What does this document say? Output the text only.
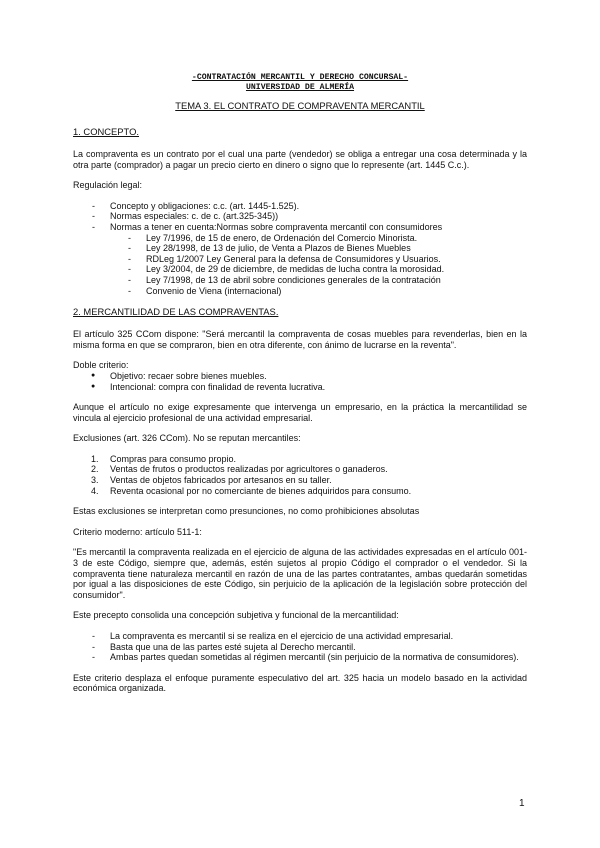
-CONTRATACIÓN MERCANTIL Y DERECHO CONCURSAL-
UNIVERSIDAD DE ALMERÍA
TEMA 3. EL CONTRATO DE COMPRAVENTA MERCANTIL
1. CONCEPTO.

La compraventa es un contrato por el cual una parte (vendedor) se obliga a entregar una cosa determinada y la otra parte (comprador) a pagar un precio cierto en dinero o signo que lo represente (art. 1445 C.c.).

Regulación legal:

- Concepto y obligaciones: c.c. (art. 1445-1.525).
- Normas especiales: c. de c. (art.325-345))
- Normas a tener en cuenta:Normas sobre compraventa mercantil con consumidores
- Ley 7/1996, de 15 de enero, de Ordenación del Comercio Minorista.
- Ley 28/1998, de 13 de julio, de Venta a Plazos de Bienes Muebles
- RDLeg 1/2007 Ley General para la defensa de Consumidores y Usuarios.
- Ley 3/2004, de 29 de diciembre, de medidas de lucha contra la morosidad.
- Ley 7/1998, de 13 de abril sobre condiciones generales de la contratación
- Convenio de Viena (internacional)
2. MERCANTILIDAD DE LAS COMPRAVENTAS.

El artículo 325 CCom dispone: "Será mercantil la compraventa de cosas muebles para revenderlas, bien en la misma forma en que se compraron, bien en otra diferente, con ánimo de lucrarse en la reventa".

Doble criterio:

● Objetivo: recaer sobre bienes muebles.
● Intencional: compra con finalidad de reventa lucrativa.

Aunque el artículo no exige expresamente que intervenga un empresario, en la práctica la mercantilidad se vincula al ejercicio profesional de una actividad empresarial.

Exclusiones (art. 326 CCom). No se reputan mercantiles:

1. Compras para consumo propio.
2. Ventas de frutos o productos realizadas por agricultores o ganaderos.
3. Ventas de objetos fabricados por artesanos en su taller.
4. Reventa ocasional por no comerciante de bienes adquiridos para consumo.

Estas exclusiones se interpretan como presunciones, no como prohibiciones absolutas

Criterio moderno: artículo 511-1:

"Es mercantil la compraventa realizada en el ejercicio de alguna de las actividades expresadas en el artículo 001-3 de este Código, siempre que, además, estén sujetos al propio Código el comprador o el vendedor. Si la compraventa tiene naturaleza mercantil en razón de una de las partes contratantes, ambas quedarán sometidas por igual a las disposiciones de este Código, sin perjuicio de la aplicación de la legislación sobre protección del consumidor".

Este precepto consolida una concepción subjetiva y funcional de la mercantilidad:

- La compraventa es mercantil si se realiza en el ejercicio de una actividad empresarial.
- Basta que una de las partes esté sujeta al Derecho mercantil.
- Ambas partes quedan sometidas al régimen mercantil (sin perjuicio de la normativa de consumidores).

Este criterio desplaza el enfoque puramente especulativo del art. 325 hacia un modelo basado en la actividad económica organizada.

1
